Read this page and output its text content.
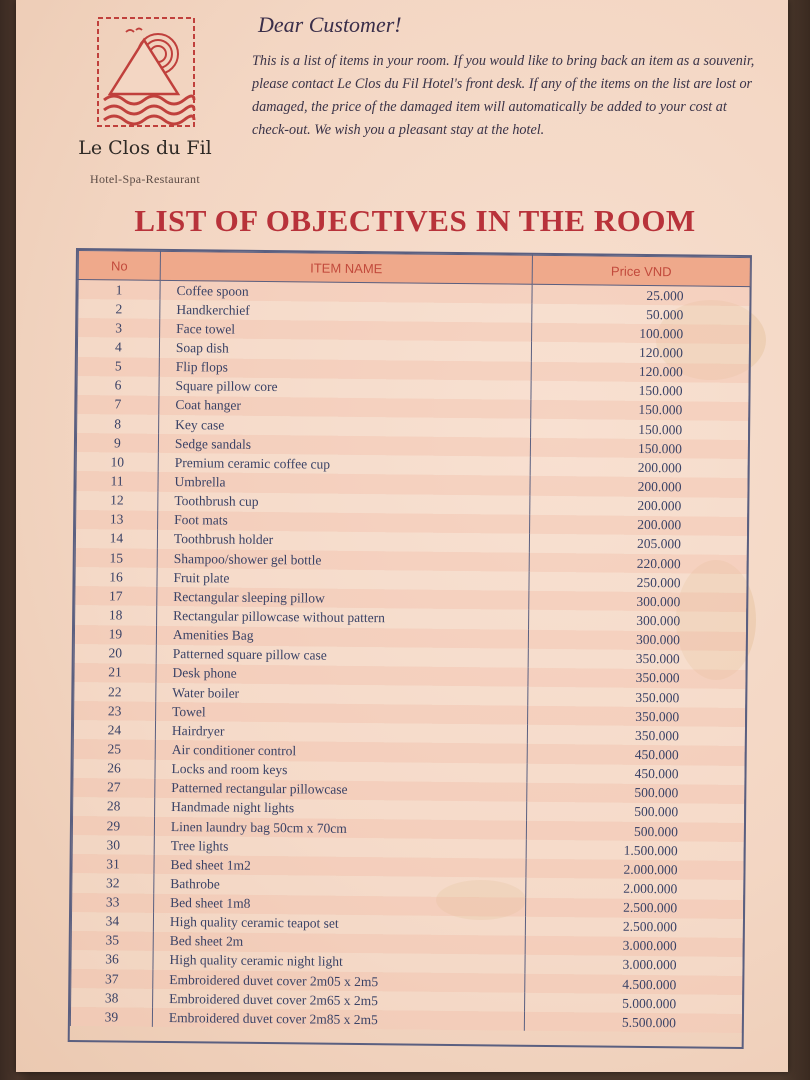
Le Clos du Fil
Hotel-Spa-Restaurant
Dear Customer!
This is a list of items in your room. If you would like to bring back an item as a souvenir, please contact Le Clos du Fil Hotel's front desk. If any of the items on the list are lost or damaged, the price of the damaged item will automatically be added to your cost at check-out. We wish you a pleasant stay at the hotel.
LIST OF OBJECTIVES IN THE ROOM
No	ITEM NAME	Price VND
1	Coffee spoon	25.000
2	Handkerchief	50.000
3	Face towel	100.000
4	Soap dish	120.000
5	Flip flops	120.000
6	Square pillow core	150.000
7	Coat hanger	150.000
8	Key case	150.000
9	Sedge sandals	150.000
10	Premium ceramic coffee cup	200.000
11	Umbrella	200.000
12	Toothbrush cup	200.000
13	Foot mats	200.000
14	Toothbrush holder	205.000
15	Shampoo/shower gel bottle	220.000
16	Fruit plate	250.000
17	Rectangular sleeping pillow	300.000
18	Rectangular pillowcase without pattern	300.000
19	Amenities Bag	300.000
20	Patterned square pillow case	350.000
21	Desk phone	350.000
22	Water boiler	350.000
23	Towel	350.000
24	Hairdryer	350.000
25	Air conditioner control	450.000
26	Locks and room keys	450.000
27	Patterned rectangular pillowcase	500.000
28	Handmade night lights	500.000
29	Linen laundry bag 50cm x 70cm	500.000
30	Tree lights	1.500.000
31	Bed sheet 1m2	2.000.000
32	Bathrobe	2.000.000
33	Bed sheet 1m8	2.500.000
34	High quality ceramic teapot set	2.500.000
35	Bed sheet 2m	3.000.000
36	High quality ceramic night light	3.000.000
37	Embroidered duvet cover 2m05 x 2m5	4.500.000
38	Embroidered duvet cover 2m65 x 2m5	5.000.000
39	Embroidered duvet cover 2m85 x 2m5	5.500.000
